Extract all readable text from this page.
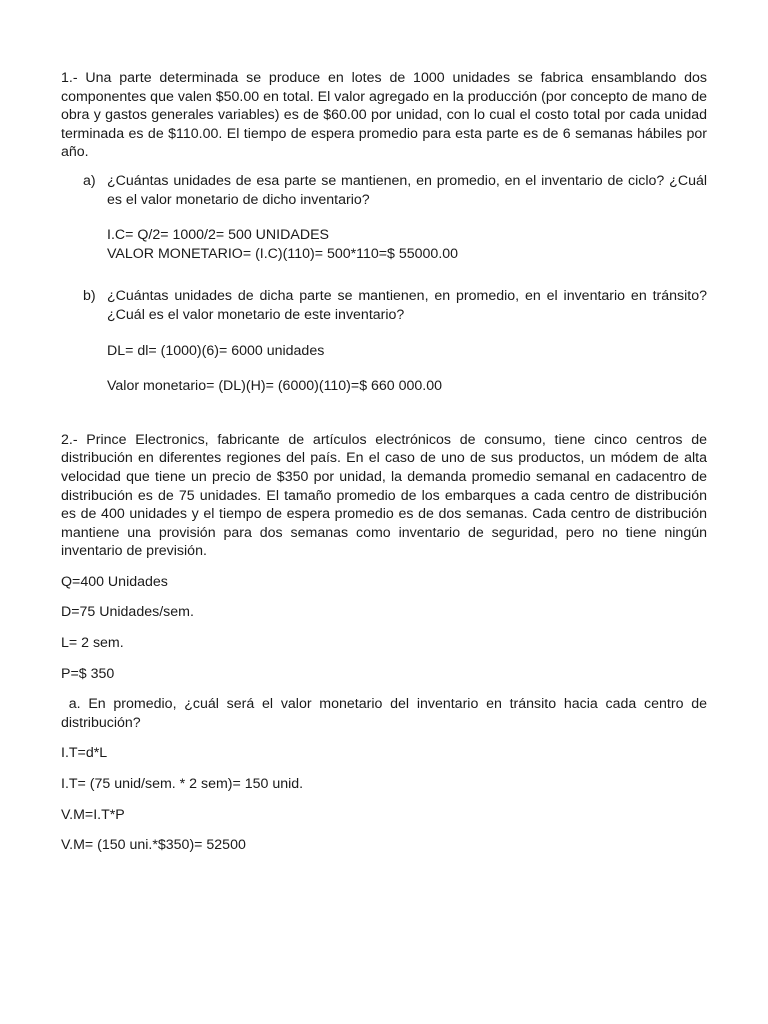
1.- Una parte determinada se produce en lotes de 1000 unidades se fabrica ensamblando dos componentes que valen $50.00 en total. El valor agregado en la producción (por concepto de mano de obra y gastos generales variables) es de $60.00 por unidad, con lo cual el costo total por cada unidad terminada es de $110.00. El tiempo de espera promedio para esta parte es de 6 semanas hábiles por año.

a) ¿Cuántas unidades de esa parte se mantienen, en promedio, en el inventario de ciclo? ¿Cuál es el valor monetario de dicho inventario?

I.C= Q/2= 1000/2= 500 UNIDADES
VALOR MONETARIO= (I.C)(110)= 500*110=$ 55000.00
b) ¿Cuántas unidades de dicha parte se mantienen, en promedio, en el inventario en tránsito? ¿Cuál es el valor monetario de este inventario?

DL= dl= (1000)(6)= 6000 unidades
Valor monetario= (DL)(H)= (6000)(110)=$ 660 000.00

2.- Prince Electronics, fabricante de artículos electrónicos de consumo, tiene cinco centros de distribución en diferentes regiones del país. En el caso de uno de sus productos, un módem de alta velocidad que tiene un precio de $350 por unidad, la demanda promedio semanal en cadacentro de distribución es de 75 unidades. El tamaño promedio de los embarques a cada centro de distribución es de 400 unidades y el tiempo de espera promedio es de dos semanas. Cada centro de distribución mantiene una provisión para dos semanas como inventario de seguridad, pero no tiene ningún inventario de previsión.

Q=400 Unidades
D=75 Unidades/sem.
L= 2 sem.
P=$ 350

a. En promedio, ¿cuál será el valor monetario del inventario en tránsito hacia cada centro de distribución?

I.T=d*L
I.T= (75 unid/sem. * 2 sem)= 150 unid.
V.M=I.T*P
V.M= (150 uni.*$350)= 52500
